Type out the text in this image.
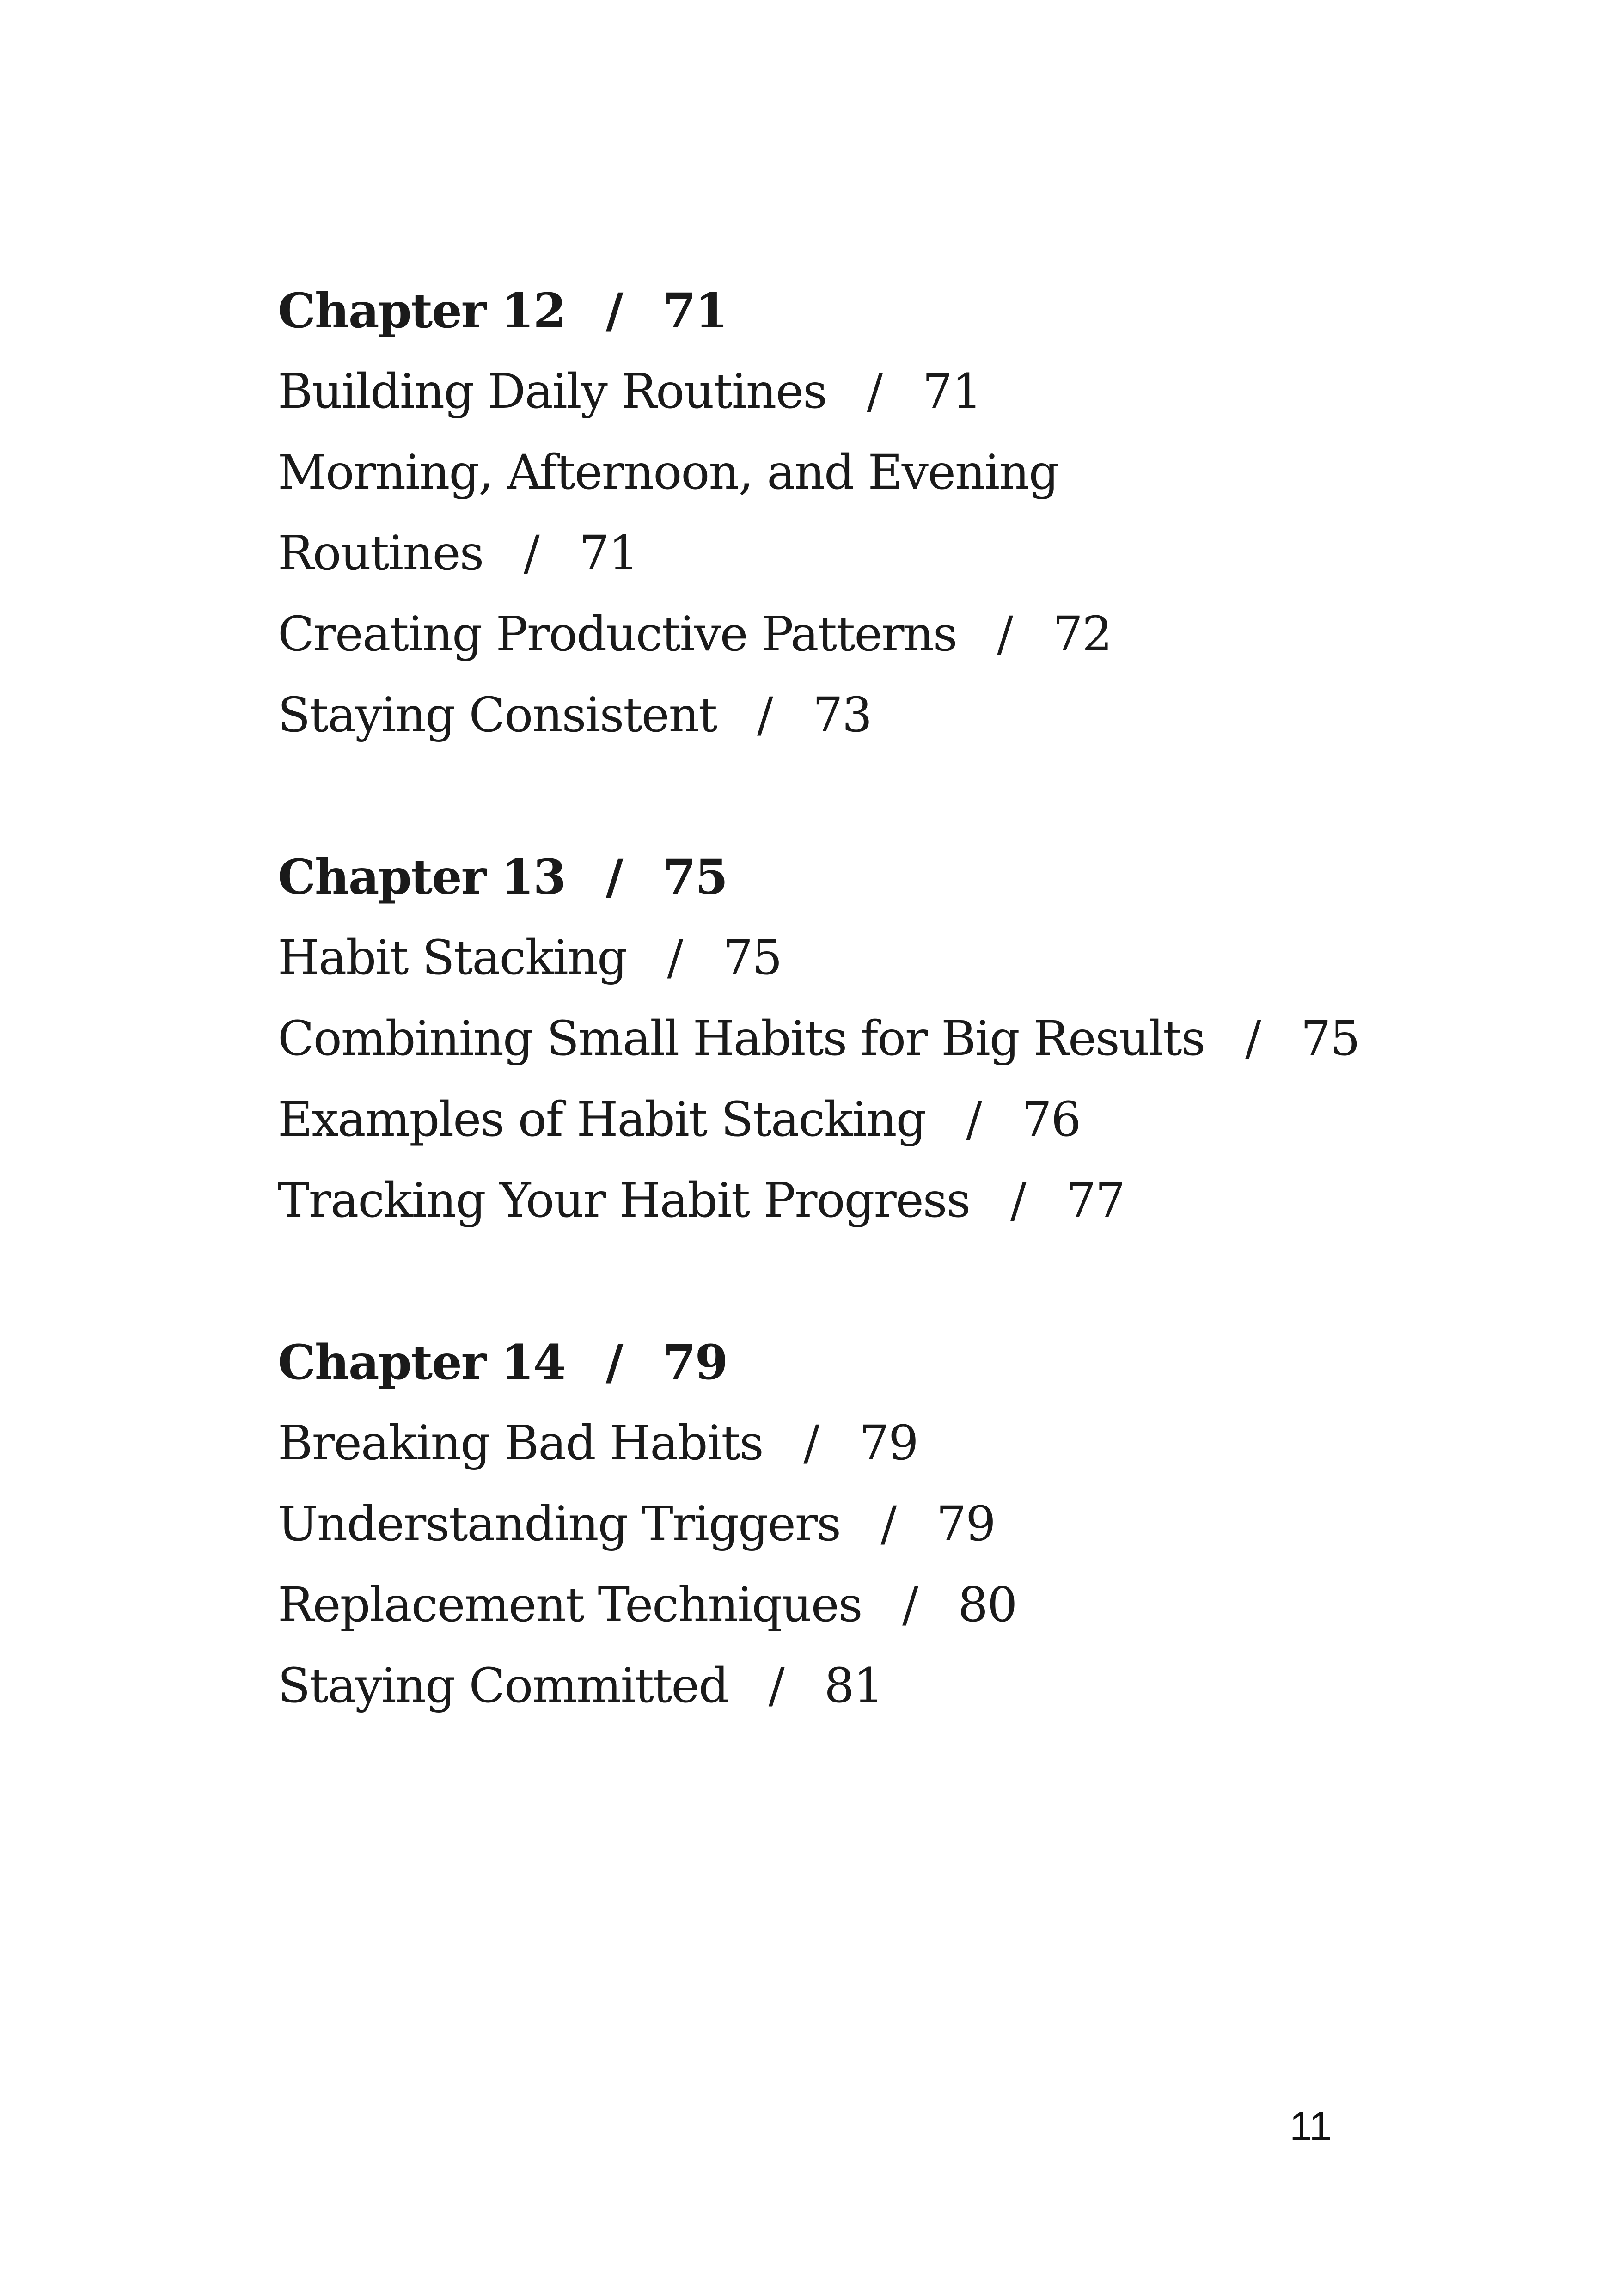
Chapter 12 / 71
Building Daily Routines / 71
Morning, Afternoon, and Evening
Routines / 71
Creating Productive Patterns / 72
Staying Consistent / 73
Chapter 13 / 75
Habit Stacking / 75
Combining Small Habits for Big Results / 75
Examples of Habit Stacking / 76
Tracking Your Habit Progress / 77
Chapter 14 / 79
Breaking Bad Habits / 79
Understanding Triggers / 79
Replacement Techniques / 80
Staying Committed / 81
11
